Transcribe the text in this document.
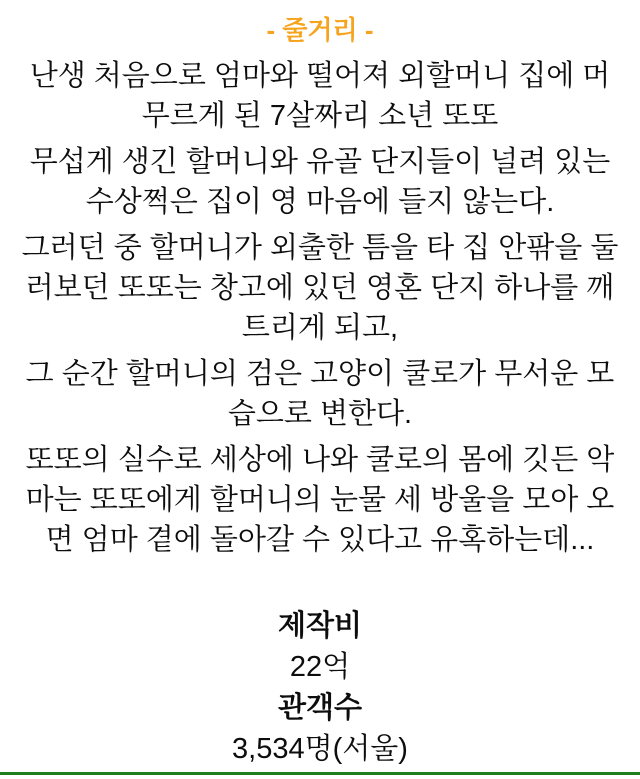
- 줄거리 -

난생 처음으로 엄마와 떨어져 외할머니 집에 머
무르게 된 7살짜리 소년 또또

무섭게 생긴 할머니와 유골 단지들이 널려 있는
수상쩍은 집이 영 마음에 들지 않는다.

그러던 중 할머니가 외출한 틈을 타 집 안팎을 둘
러보던 또또는 창고에 있던 영혼 단지 하나를 깨
트리게 되고,

그 순간 할머니의 검은 고양이 쿨로가 무서운 모
습으로 변한다.

또또의 실수로 세상에 나와 쿨로의 몸에 깃든 악
마는 또또에게 할머니의 눈물 세 방울을 모아 오
면 엄마 곁에 돌아갈 수 있다고 유혹하는데...

제작비
22억
관객수
3,534명(서울)
